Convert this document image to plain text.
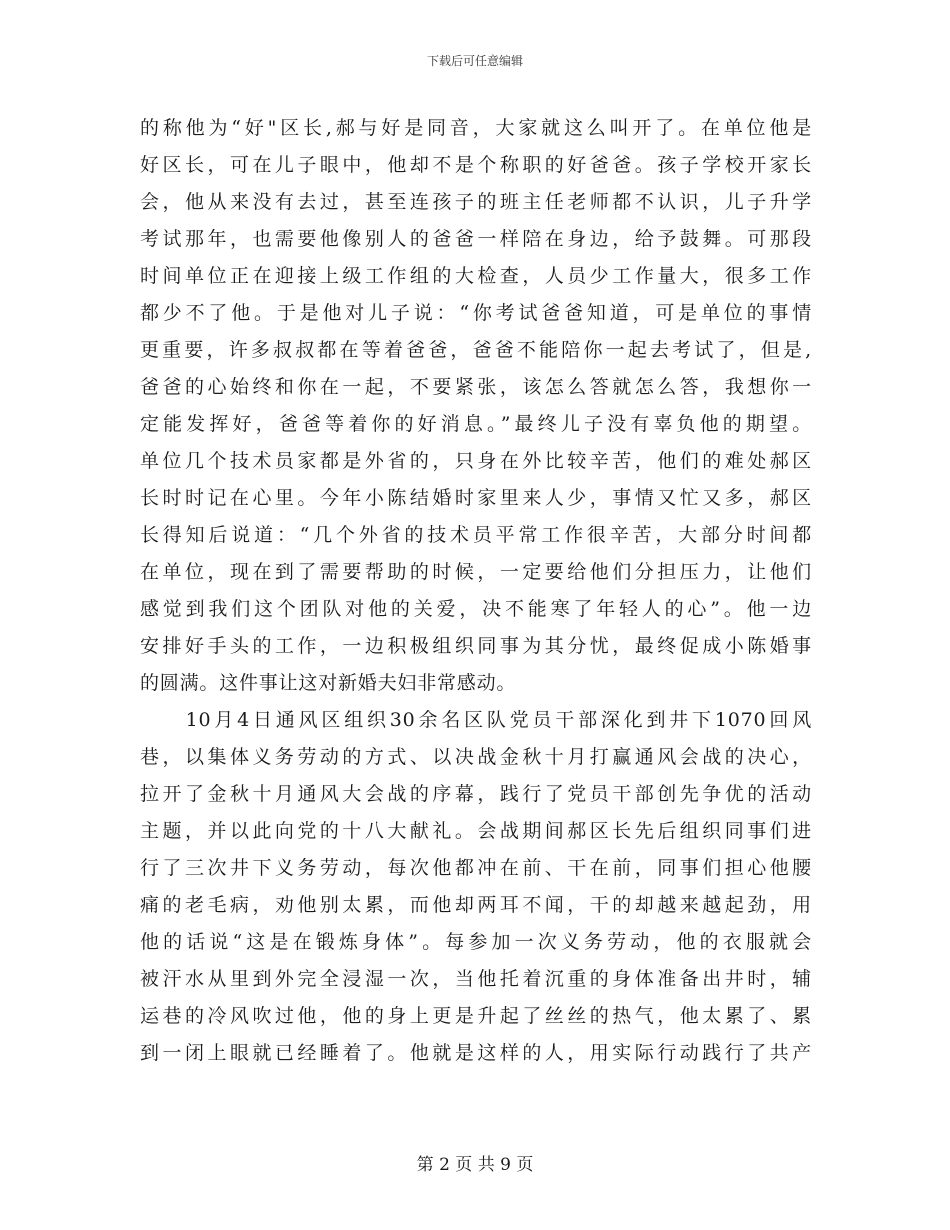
下载后可任意编辑
的称他为“好"区长,郝与好是同音，大家就这么叫开了。在单位他是
好区长，可在儿子眼中，他却不是个称职的好爸爸。孩子学校开家长
会，他从来没有去过，甚至连孩子的班主任老师都不认识，儿子升学
考试那年，也需要他像别人的爸爸一样陪在身边，给予鼓舞。可那段
时间单位正在迎接上级工作组的大检查，人员少工作量大，很多工作
都少不了他。于是他对儿子说：“你考试爸爸知道，可是单位的事情
更重要，许多叔叔都在等着爸爸，爸爸不能陪你一起去考试了，但是,
爸爸的心始终和你在一起，不要紧张，该怎么答就怎么答，我想你一
定能发挥好，爸爸等着你的好消息。”最终儿子没有辜负他的期望。
单位几个技术员家都是外省的，只身在外比较辛苦，他们的难处郝区
长时时记在心里。今年小陈结婚时家里来人少，事情又忙又多，郝区
长得知后说道：“几个外省的技术员平常工作很辛苦，大部分时间都
在单位，现在到了需要帮助的时候，一定要给他们分担压力，让他们
感觉到我们这个团队对他的关爱，决不能寒了年轻人的心”。他一边
安排好手头的工作，一边积极组织同事为其分忧，最终促成小陈婚事
的圆满。这件事让这对新婚夫妇非常感动。
　　10月4日通风区组织30余名区队党员干部深化到井下1070回风
巷，以集体义务劳动的方式、以决战金秋十月打赢通风会战的决心，
拉开了金秋十月通风大会战的序幕，践行了党员干部创先争优的活动
主题，并以此向党的十八大献礼。会战期间郝区长先后组织同事们进
行了三次井下义务劳动，每次他都冲在前、干在前，同事们担心他腰
痛的老毛病，劝他别太累，而他却两耳不闻，干的却越来越起劲，用
他的话说“这是在锻炼身体”。每参加一次义务劳动，他的衣服就会
被汗水从里到外完全浸湿一次，当他托着沉重的身体准备出井时，辅
运巷的冷风吹过他，他的身上更是升起了丝丝的热气，他太累了、累
到一闭上眼就已经睡着了。他就是这样的人，用实际行动践行了共产
第 2 页 共 9 页
